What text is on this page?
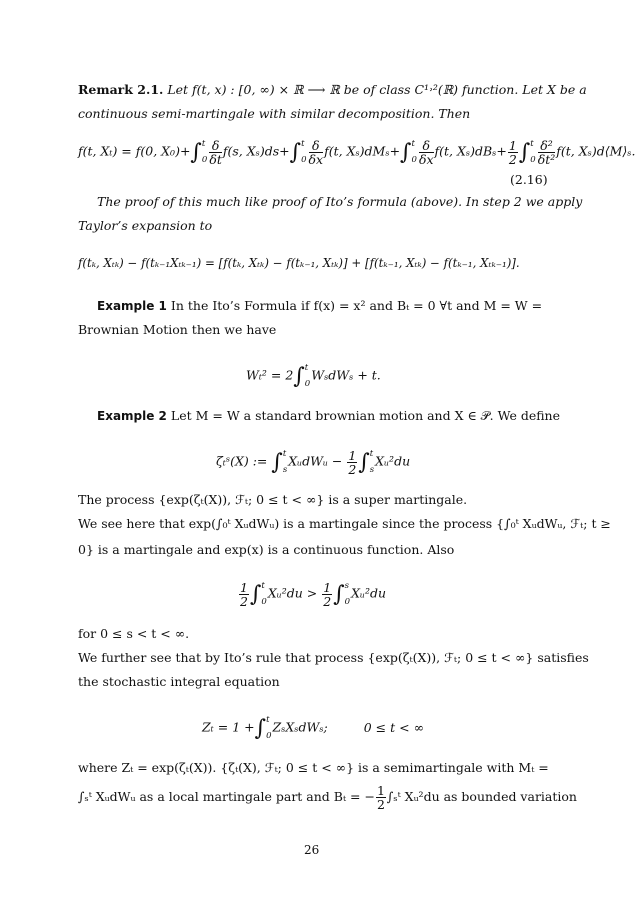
Remark 2.1. Let f(t, x) : [0, ∞) × ℝ ⟶ ℝ be of class C¹˒²(ℝ) function. Let X be a
continuous semi-martingale with similar decomposition. Then
f(t, Xₜ) = f(0, X₀)+∫ t
$0 \frac{\delta}{\delta t} f(s$, Xₛ)ds+∫ t
$0 \frac{\delta}{\delta x} f(t$, Xₛ)dMₛ+∫ t
$0 \frac{\delta}{\delta x} f(t$, $X_s)dB_s+ \frac{1}{2}$ ∫ t
$0 \frac{\text{δ²}}{\text{δt²}} f(t$, Xₛ)d⟨M⟩ₛ.
(2.16)
The proof of this much like proof of Ito’s formula (above). In step 2 we apply
Taylor’s expansion to
f(tₖ, Xₜₖ) − f(tₖ₋₁Xₜₖ₋₁) = [f(tₖ, Xₜₖ) − f(tₖ₋₁, Xₜₖ)] + [f(tₖ₋₁, Xₜₖ) − f(tₖ₋₁, Xₜₖ₋₁)].
Example 1 In the Ito’s Formula if f(x) = x² and Bₜ = 0 ∀t and M = W =
Brownian Motion then we have
Wₜ² = 2∫ t
0
WₛdWₛ + t.
Example 2 Let M = W a standard brownian motion and X ∈ 𝒫. We define
ζₜˢ(X) := ∫ t
s
XᵤdWᵤ − $\frac{1}{2}$ ∫ t
s
Xᵤ²du
The process {exp(ζₜ(X)), ℱₜ; 0 ≤ t < ∞} is a super martingale.
We see here that exp(∫₀ᵗ XᵤdWᵤ) is a martingale since the process {∫₀ᵗ XᵤdWᵤ, ℱₜ; t ≥
0} is a martingale and exp(x) is a continuous function. Also
$\frac{1}{2}$ ∫ t
0
Xᵤ²du > $\frac{1}{2}$ ∫ s
0
Xᵤ²du
for 0 ≤ s < t < ∞.
We further see that by Ito’s rule that process {exp(ζₜ(X)), ℱₜ; 0 ≤ t < ∞} satisfies
the stochastic integral equation
Zₜ = 1 +∫ t
0
ZₛXₛdWₛ;	0 ≤ t < ∞
where Zₜ = exp(ζₜ(X)). {ζₜ(X), ℱₜ; 0 ≤ t < ∞} is a semimartingale with Mₜ =
∫ₛᵗ XᵤdWᵤ as a local martingale part and Bₜ = − $\frac{1}{2}$ ∫ₛᵗ Xᵤ²du as bounded variation
26
